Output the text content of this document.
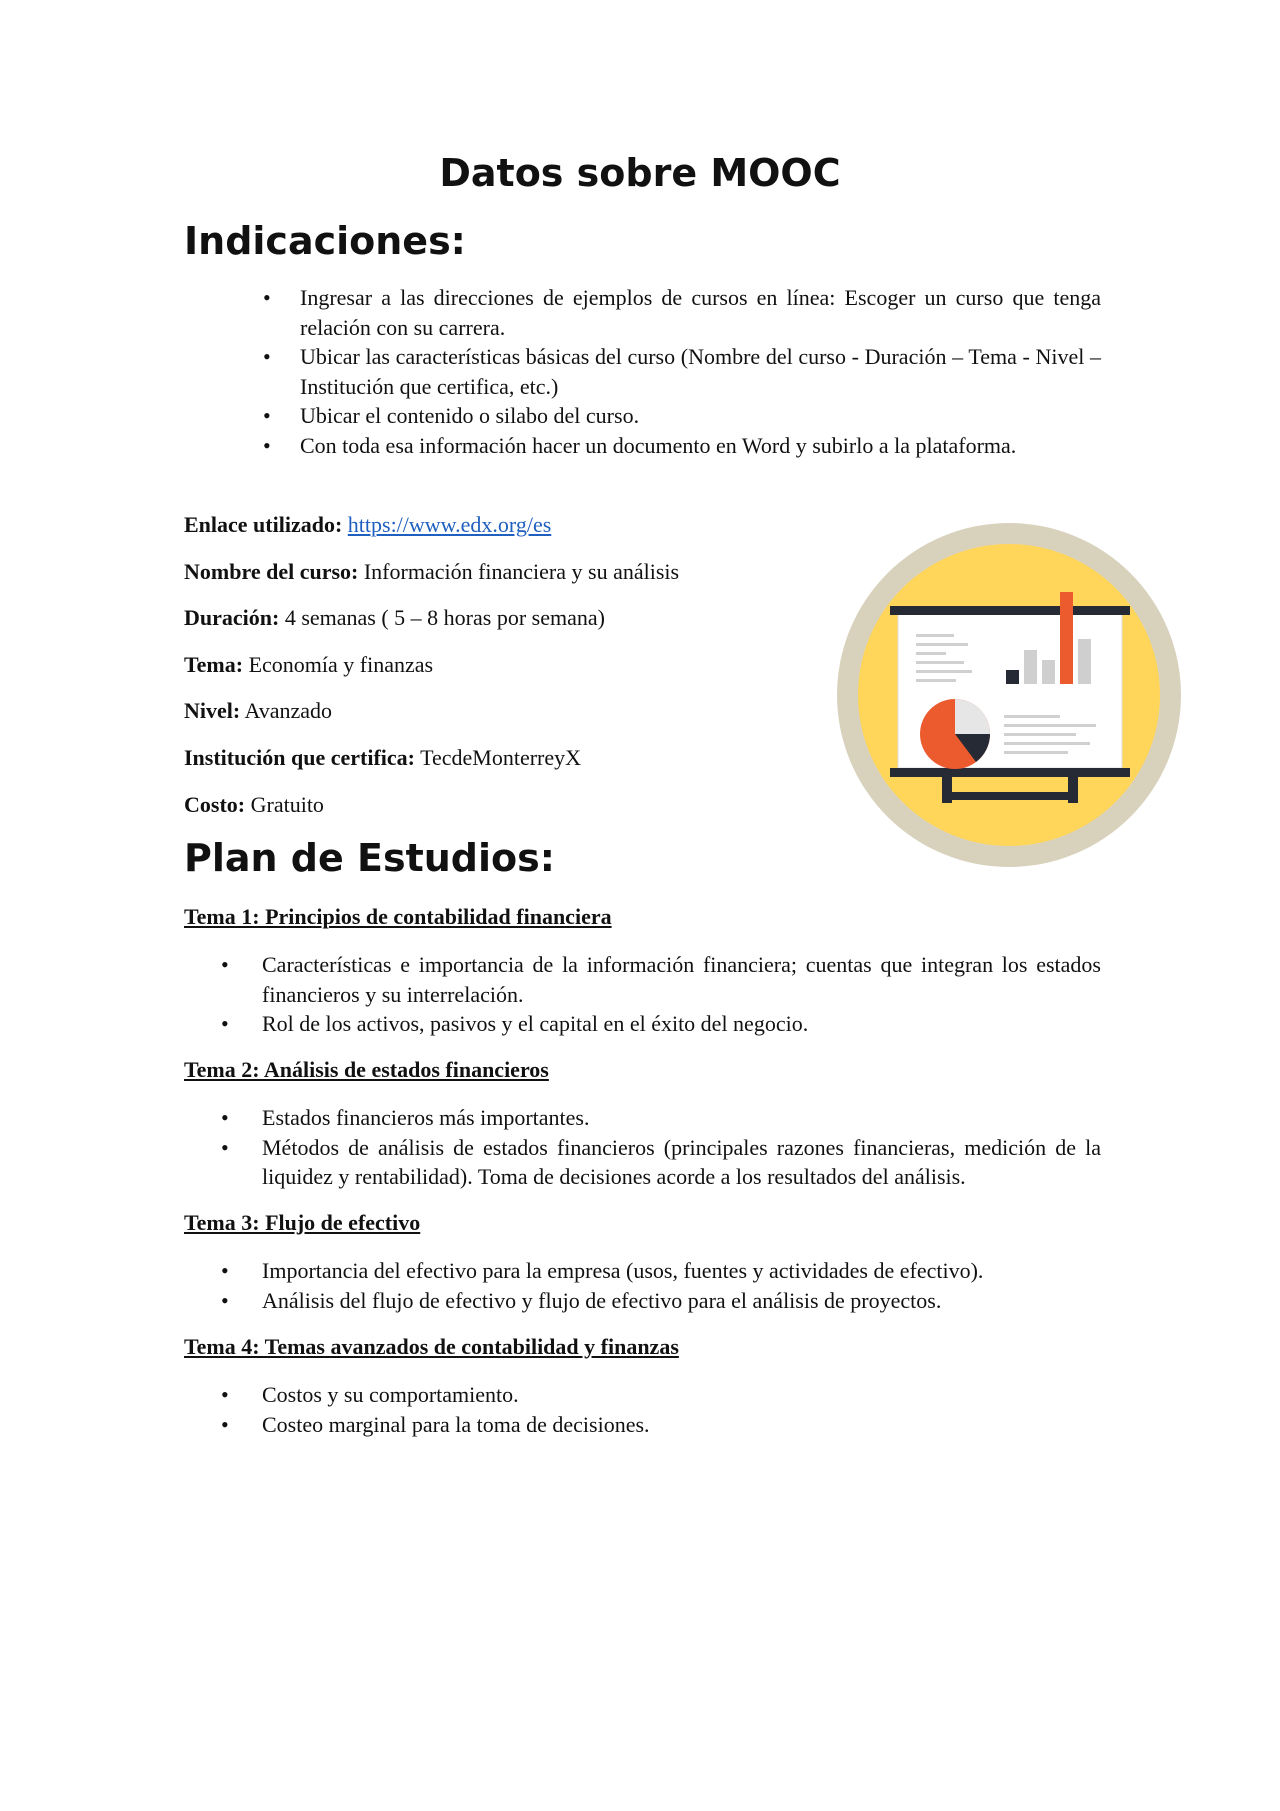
Datos sobre MOOC
Indicaciones:
• Ingresar a las direcciones de ejemplos de cursos en línea: Escoger un curso que tenga relación con su carrera.
• Ubicar las características básicas del curso (Nombre del curso - Duración – Tema - Nivel – Institución que certifica, etc.)
• Ubicar el contenido o silabo del curso.
• Con toda esa información hacer un documento en Word y subirlo a la plataforma.

Enlace utilizado: https://www.edx.org/es

Nombre del curso: Información financiera y su análisis

Duración: 4 semanas ( 5 – 8 horas por semana)

Tema: Economía y finanzas

Nivel: Avanzado

Institución que certifica: TecdeMonterreyX

Costo: Gratuito

Plan de Estudios:

Tema 1: Principios de contabilidad financiera

• Características e importancia de la información financiera; cuentas que integran los estados financieros y su interrelación.
• Rol de los activos, pasivos y el capital en el éxito del negocio.

Tema 2: Análisis de estados financieros

• Estados financieros más importantes.
• Métodos de análisis de estados financieros (principales razones financieras, medición de la liquidez y rentabilidad). Toma de decisiones acorde a los resultados del análisis.

Tema 3: Flujo de efectivo

• Importancia del efectivo para la empresa (usos, fuentes y actividades de efectivo).
• Análisis del flujo de efectivo y flujo de efectivo para el análisis de proyectos.

Tema 4: Temas avanzados de contabilidad y finanzas

• Costos y su comportamiento.
• Costeo marginal para la toma de decisiones.
